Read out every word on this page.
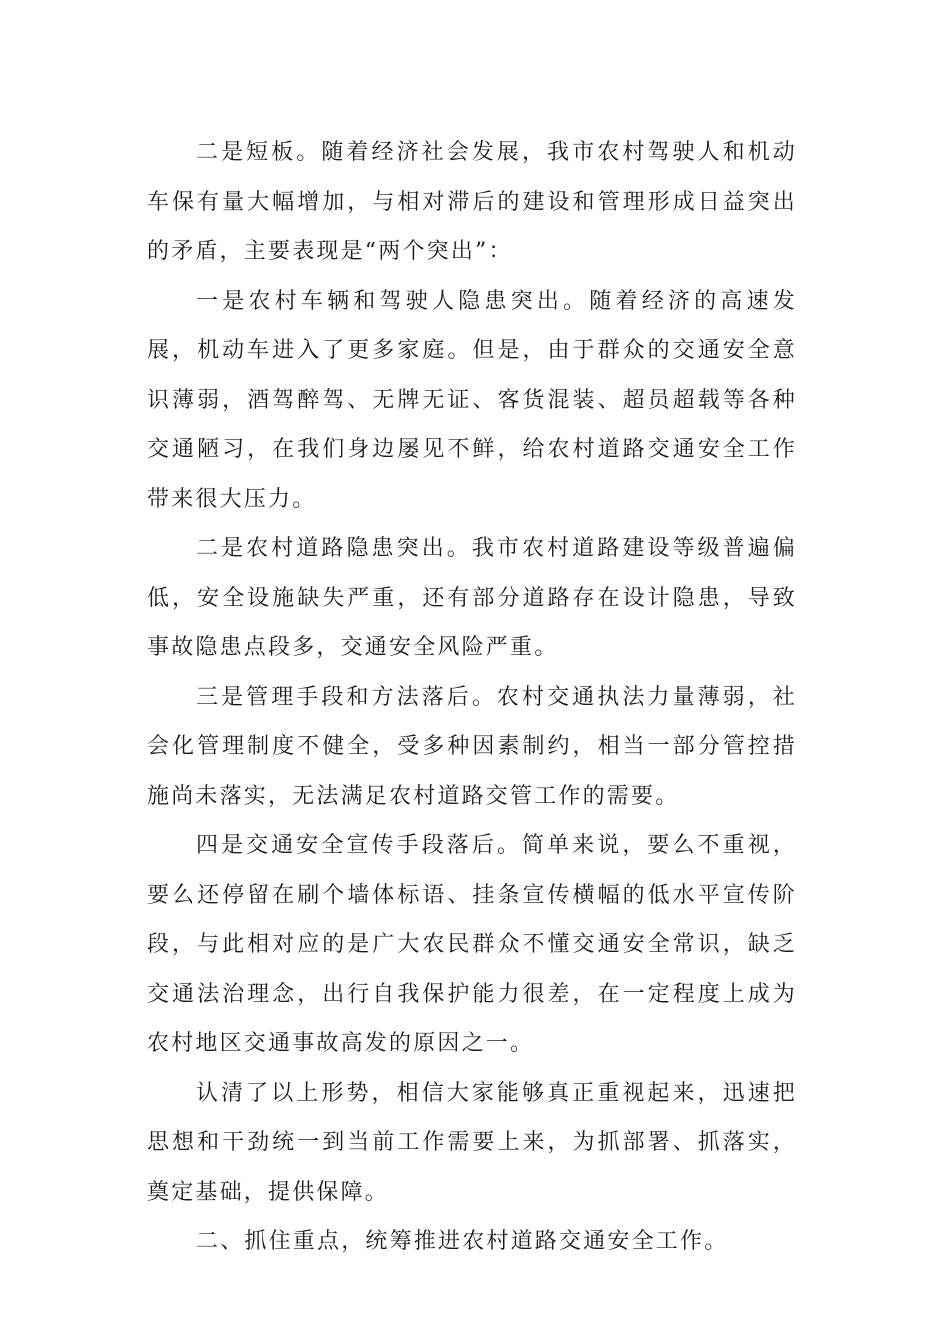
二是短板。随着经济社会发展，我市农村驾驶人和机动车保有量大幅增加，与相对滞后的建设和管理形成日益突出的矛盾，主要表现是“两个突出”：

一是农村车辆和驾驶人隐患突出。随着经济的高速发展，机动车进入了更多家庭。但是，由于群众的交通安全意识薄弱，酒驾醉驾、无牌无证、客货混装、超员超载等各种交通陋习，在我们身边屡见不鲜，给农村道路交通安全工作带来很大压力。

二是农村道路隐患突出。我市农村道路建设等级普遍偏低，安全设施缺失严重，还有部分道路存在设计隐患，导致事故隐患点段多，交通安全风险严重。

三是管理手段和方法落后。农村交通执法力量薄弱，社会化管理制度不健全，受多种因素制约，相当一部分管控措施尚未落实，无法满足农村道路交管工作的需要。

四是交通安全宣传手段落后。简单来说，要么不重视，要么还停留在刷个墙体标语、挂条宣传横幅的低水平宣传阶段，与此相对应的是广大农民群众不懂交通安全常识，缺乏交通法治理念，出行自我保护能力很差，在一定程度上成为农村地区交通事故高发的原因之一。

认清了以上形势，相信大家能够真正重视起来，迅速把思想和干劲统一到当前工作需要上来，为抓部署、抓落实，奠定基础，提供保障。

二、抓住重点，统筹推进农村道路交通安全工作。
